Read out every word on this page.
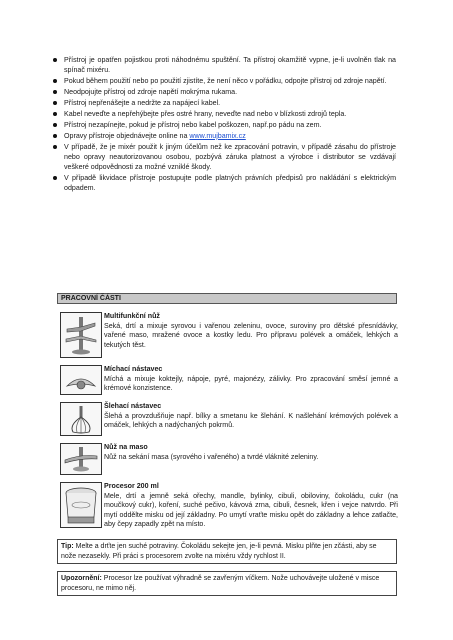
Přístroj je opatřen pojistkou proti náhodnému spuštění. Ta přístroj okamžitě vypne, je-li uvolněn tlak na spínač mixéru.
Pokud během použití nebo po použití zjistíte, že není něco v pořádku, odpojte přístroj od zdroje napětí.
Neodpojujte přístroj od zdroje napětí mokrýma rukama.
Přístroj nepřenášejte a nedržte za napájecí kabel.
Kabel neveďte a nepřehýbejte přes ostré hrany, neveďte nad nebo v blízkosti zdrojů tepla.
Přístroj nezapínejte, pokud je přístroj nebo kabel poškozen, např.po pádu na zem.
Opravy přístroje objednávejte online na www.mujbamix.cz
V případě, že je mixér použit k jiným účelům než ke zpracování potravin, v případě zásahu do přístroje nebo opravy neautorizovanou osobou, pozbývá záruka platnost a výrobce i distributor se vzdávají veškeré odpovědnosti za možné vzniklé škody.
V případě likvidace přístroje postupujte podle platných právních předpisů pro nakládání s elektrickým odpadem.
PRACOVNÍ ČÁSTI
Multifunkční nůž
Seká, drtí a mixuje syrovou i vařenou zeleninu, ovoce, suroviny pro dětské přesnídávky, vařené maso, mražené ovoce a kostky ledu. Pro přípravu polévek a omáček, lehkých a tekutých těst.
Míchací nástavec
Míchá a mixuje koktejly, nápoje, pyré, majonézy, zálivky. Pro zpracování směsí jemné a krémové konzistence.
Šlehací nástavec
Šlehá a provzdušňuje např. bílky a smetanu ke šlehání. K našlehání krémových polévek a omáček, lehkých a nadýchaných pokrmů.
Nůž na maso
Nůž na sekání masa (syrového i vařeného) a tvrdé vláknité zeleniny.
Procesor 200 ml
Mele, drtí a jemně seká ořechy, mandle, bylinky, cibuli, obiloviny, čokoládu, cukr (na moučkový cukr), koření, suché pečivo, kávová zrna, cibuli, česnek, křen i vejce natvrdo. Při mytí oddělte misku od její základny. Po umytí vraťte misku opět do základny a lehce zatlačte, aby čepy zapadly zpět na místo.
Tip: Melte a drťte jen suché potraviny. Čokoládu sekejte jen, je-li pevná. Misku plňte jen zčásti, aby se nože nezasekly. Při práci s procesorem zvolte na mixéru vždy rychlost II.
Upozornění: Procesor lze používat výhradně se zavřeným víčkem. Nože uchovávejte uložené v misce procesoru, ne mimo něj.
